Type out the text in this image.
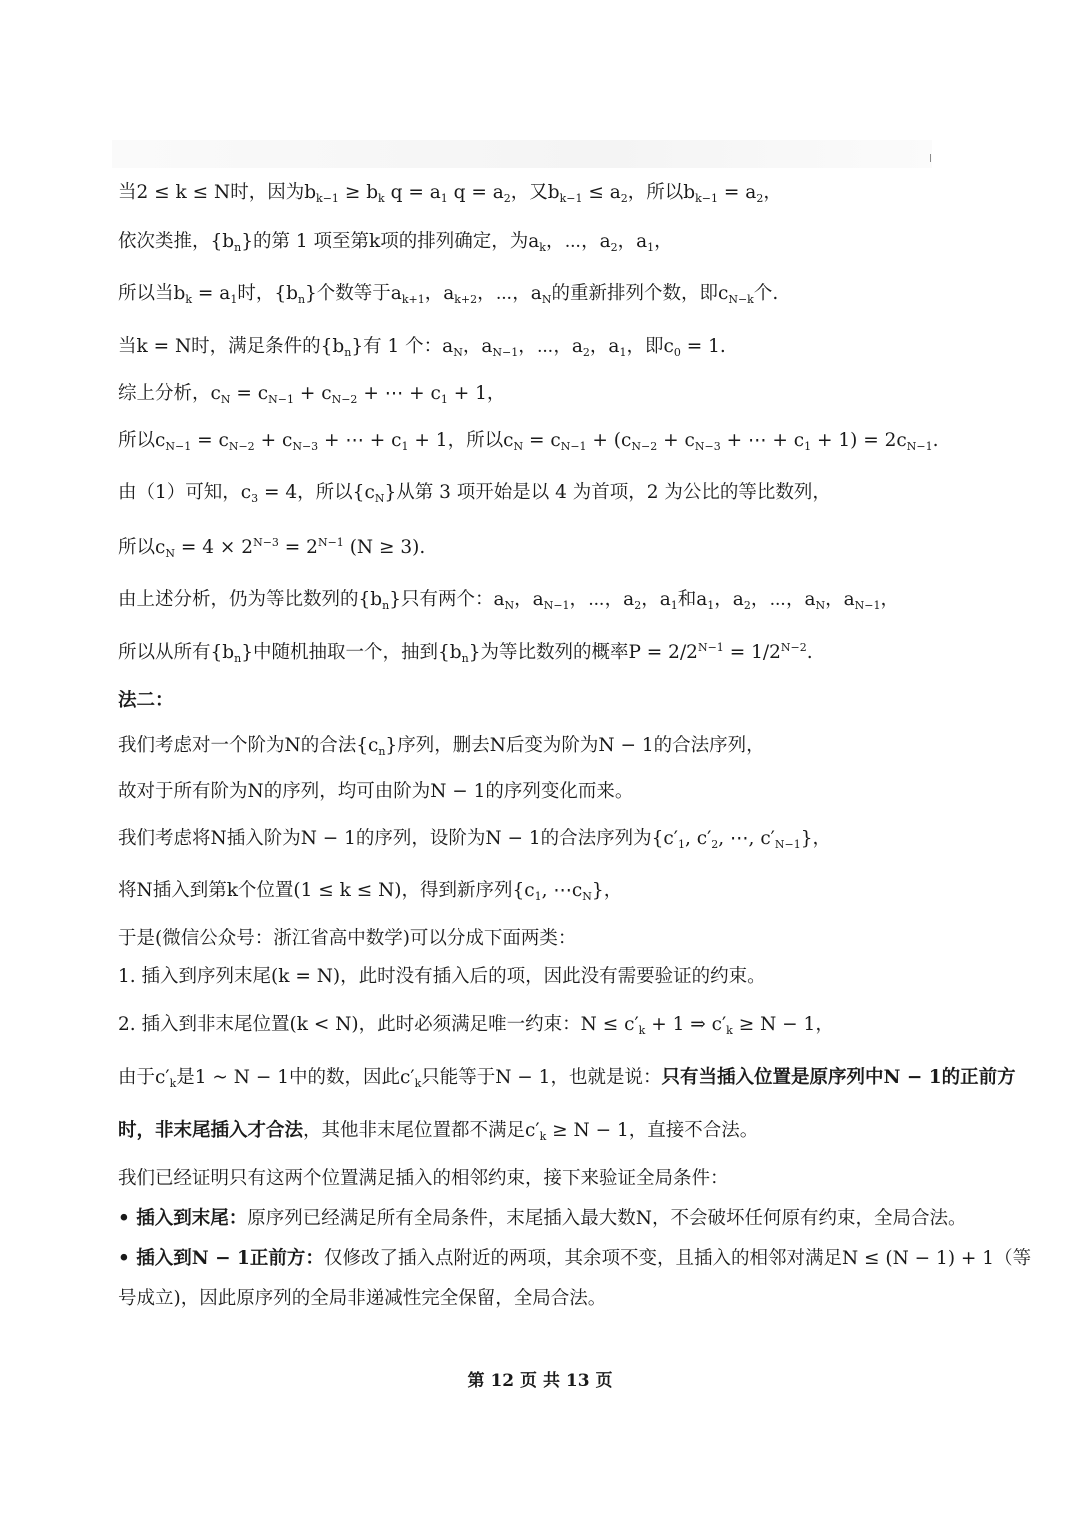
当2 ≤ k ≤ N时，因为$b_{k-1} \ge b_k$ $q = a_1$ $q = a_2$，又$b_{k-1} \le a_2$，所以$b_{k-1} = a_2$，
依次类推，$\{b_n\}$的第 1 项至第k项的排列确定，为$a_k$，⋯，$a_2$，$a_1$，
所以当$b_k = a_1$时，$\{b_n\}$个数等于$a_{k+1}$，$a_{k+2}$，⋯，$a_N$的重新排列个数，即$c_{N-k}$个.
当k = N时，满足条件的$\{b_n\}$有 1 个：$a_N$，$a_{N-1}$，⋯，$a_2$，$a_1$，即$c_0 = 1$.
综上分析，$c_N = c_{N-1} + c_{N-2}$ + ⋯ + $c_1 + 1$，
所以$c_{N-1} = c_{N-2} + c_{N-3}$ + ⋯ + $c_1 + 1$，所以$c_N = c_{N-1} + (c_{N-2} + c_{N-3}$ + ⋯ + $c_1 + 1) = 2c_{N-1}$.
由（1）可知，$c_3 = 4$，所以$\{c_N\}$从第 3 项开始是以 4 为首项，2 为公比的等比数列，
所以$c_N = 4 \times 2^{N-3} = 2^{N-1}$ (N ≥ 3).
由上述分析，仍为等比数列的$\{b_n\}$只有两个：$a_N$，$a_{N-1}$，⋯，$a_2$，$a_1$和$a_1$，$a_2$，⋯，$a_N$，$a_{N-1}$，
所以从所有$\{b_n\}$中随机抽取一个，抽到$\{b_n\}$为等比数列的概率$P = 2/2^{N-1} = 1/2^{N-2}$.
法二：
我们考虑对一个阶为N的合法$\{c_n\}$序列，删去N后变为阶为N − 1的合法序列，
故对于所有阶为N的序列，均可由阶为N − 1的序列变化而来。
我们考虑将N插入阶为N − 1的序列，设阶为N − 1的合法序列为{$c'_1$, $c'_2$, ⋯, $c'_{N-1}$}，
将N插入到第k个位置(1 ≤ k ≤ N)，得到新序列{$c_1$, $\cdots c_N$}，
于是(微信公众号：浙江省高中数学)可以分成下面两类：
1. 插入到序列末尾(k = N)，此时没有插入后的项，因此没有需要验证的约束。
2. 插入到非末尾位置(k < N)，此时必须满足唯一约束：$N \le c'_k + 1$ ⇒ $c'_k \ge N - 1$，
由于$c'_k$是1 ~ N − 1中的数，因此$c'_k$只能等于N − 1，也就是说：只有当插入位置是原序列中N − 1的正前方
时，非末尾插入才合法，其他非末尾位置都不满足$c'_k \ge N - 1$，直接不合法。
我们已经证明只有这两个位置满足插入的相邻约束，接下来验证全局条件：
• 插入到末尾：原序列已经满足所有全局条件，末尾插入最大数N，不会破坏任何原有约束，全局合法。
• 插入到N − 1正前方：仅修改了插入点附近的两项，其余项不变，且插入的相邻对满足N ≤ (N − 1) + 1（等
号成立)，因此原序列的全局非递减性完全保留，全局合法。
第 12 页 共 13 页
